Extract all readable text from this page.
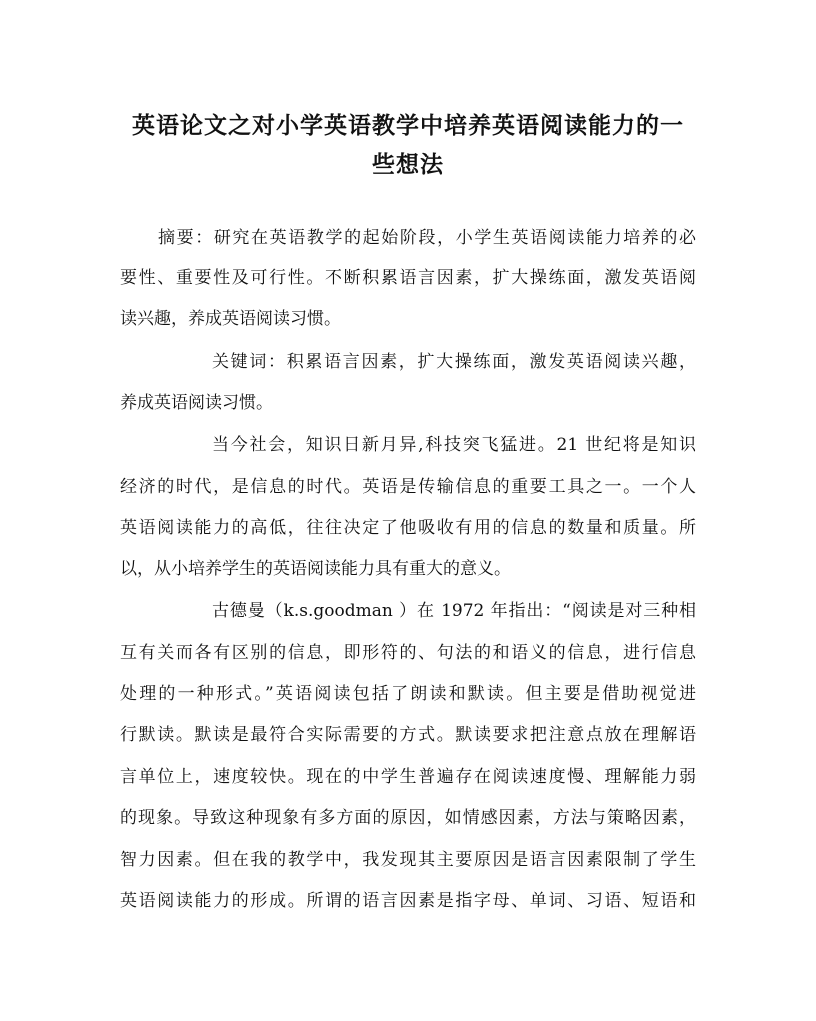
英语论文之对小学英语教学中培养英语阅读能力的一
些想法
摘要：研究在英语教学的起始阶段，小学生英语阅读能力培养的必
要性、重要性及可行性。不断积累语言因素，扩大操练面，激发英语阅
读兴趣，养成英语阅读习惯。
关键词：积累语言因素，扩大操练面，激发英语阅读兴趣，
养成英语阅读习惯。
当今社会，知识日新月异,科技突飞猛进。21 世纪将是知识
经济的时代，是信息的时代。英语是传输信息的重要工具之一。一个人
英语阅读能力的高低，往往决定了他吸收有用的信息的数量和质量。所
以，从小培养学生的英语阅读能力具有重大的意义。
古德曼（k.s.goodman ）在 1972 年指出：“阅读是对三种相
互有关而各有区别的信息，即形符的、句法的和语义的信息，进行信息
处理的一种形式。”英语阅读包括了朗读和默读。但主要是借助视觉进
行默读。默读是最符合实际需要的方式。默读要求把注意点放在理解语
言单位上，速度较快。现在的中学生普遍存在阅读速度慢、理解能力弱
的现象。导致这种现象有多方面的原因，如情感因素，方法与策略因素，
智力因素。但在我的教学中，我发现其主要原因是语言因素限制了学生
英语阅读能力的形成。所谓的语言因素是指字母、单词、习语、短语和
